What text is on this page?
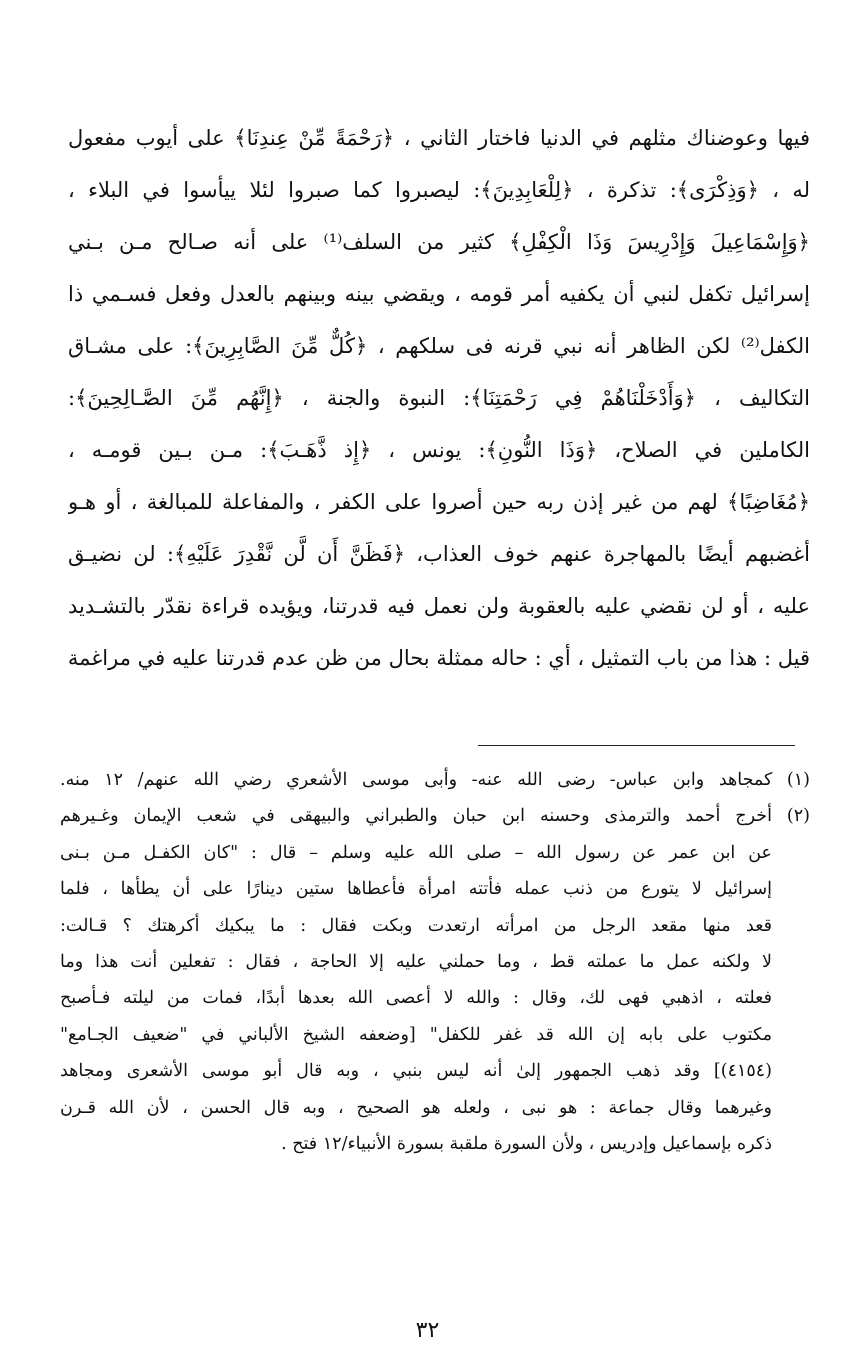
فيها وعوضناك مثلهم في الدنيا فاختار الثاني ، ﴿رَحْمَةً مِّنْ عِندِنَا﴾ على أيوب مفعول
له ، ﴿وَذِكْرَى﴾: تذكرة ، ﴿لِلْعَابِدِينَ﴾: ليصبروا كما صبروا لئلا ييأسوا في البلاء ،
﴿وَإِسْمَاعِيلَ وَإِدْرِيسَ وَذَا الْكِفْلِ﴾ كثير من السلف⁽¹⁾ على أنه صـالح مـن بـني
إسرائيل تكفل لنبي أن يكفيه أمر قومه ، ويقضي بينه وبينهم بالعدل وفعل فسـمي ذا
الكفل⁽²⁾ لكن الظاهر أنه نبي قرنه فى سلكهم ، ﴿كُلٌّ مِّنَ الصَّابِرِينَ﴾: على مشـاق
التكاليف ، ﴿وَأَدْخَلْنَاهُمْ فِي رَحْمَتِنَا﴾: النبوة والجنة ، ﴿إِنَّهُم مِّنَ الصَّـالِحِينَ﴾:
الكاملين في الصلاح، ﴿وَذَا النُّونِ﴾: يونس ، ﴿إِذ ذَّهَـبَ﴾: مـن بـين قومـه ،
﴿مُغَاضِبًا﴾ لهم من غير إذن ربه حين أصروا على الكفر ، والمفاعلة للمبالغة ، أو هـو
أغضبهم أيضًا بالمهاجرة عنهم خوف العذاب، ﴿فَظَنَّ أَن لَّن نَّقْدِرَ عَلَيْهِ﴾: لن نضيـق
عليه ، أو لن نقضي عليه بالعقوبة ولن نعمل فيه قدرتنا، ويؤيده قراءة نقدّر بالتشـديد
قيل : هذا من باب التمثيل ، أي : حاله ممثلة بحال من ظن عدم قدرتنا عليه في مراغمة
(١) كمجاهد وابن عباس- رضى الله عنه- وأبى موسى الأشعري رضي الله عنهم/ ١٢ منه.
(٢) أخرج أحمد والترمذى وحسنه ابن حبان والطبراني والبيهقى في شعب الإيمان وغـيرهم
عن ابن عمر عن رسول الله – صلى الله عليه وسلم – قال : "كان الكفـل مـن بـنى
إسرائيل لا يتورع من ذنب عمله فأتته امرأة فأعطاها ستين دينارًا على أن يطأها ، فلما
قعد منها مقعد الرجل من امرأته ارتعدت وبكت فقال : ما يبكيك أكرهتك ؟ قـالت:
لا ولكنه عمل ما عملته قط ، وما حملني عليه إلا الحاجة ، فقال : تفعلين أنت هذا وما
فعلته ، اذهبي فهى لك، وقال : والله لا أعصى الله بعدها أبدًا، فمات من ليلته فـأصبح
مكتوب على بابه إن الله قد غفر للكفل" [وضعفه الشيخ الألباني في "ضعيف الجـامع"
(٤١٥٤)] وقد ذهب الجمهور إلىٰ أنه ليس بنبي ، وبه قال أبو موسى الأشعرى ومجاهد
وغيرهما وقال جماعة : هو نبى ، ولعله هو الصحيح ، وبه قال الحسن ، لأن الله قـرن
ذكره بإسماعيل وإدريس ، ولأن السورة ملقبة بسورة الأنبياء/١٢ فتح .
٣٢
